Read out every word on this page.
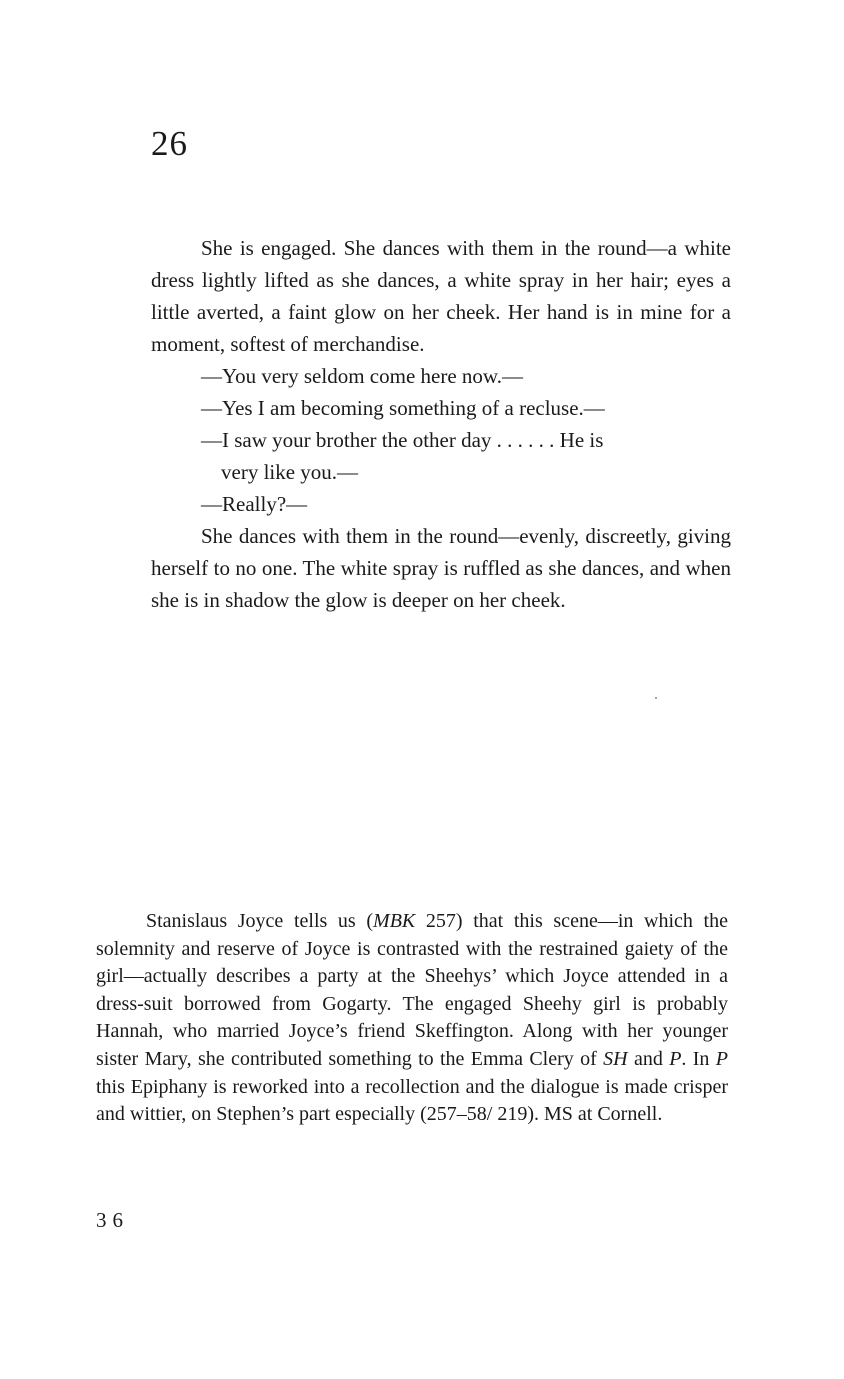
26

She is engaged. She dances with them in the round—a white dress lightly lifted as she dances, a white spray in her hair; eyes a little averted, a faint glow on her cheek. Her hand is in mine for a moment, softest of merchandise.

—You very seldom come here now.—

—Yes I am becoming something of a recluse.—

—I saw your brother the other day . . . . . . He is

very like you.—

—Really?—

She dances with them in the round—evenly, discreetly, giving herself to no one. The white spray is ruffled as she dances, and when she is in shadow the glow is deeper on her cheek.

Stanislaus Joyce tells us (MBK 257) that this scene—in which the solemnity and reserve of Joyce is contrasted with the restrained gaiety of the girl—actually describes a party at the Sheehys’ which Joyce attended in a dress-suit borrowed from Gogarty. The engaged Sheehy girl is probably Hannah, who married Joyce’s friend Skeffington. Along with her younger sister Mary, she contributed something to the Emma Clery of SH and P. In P this Epiphany is reworked into a recollection and the dialogue is made crisper and wittier, on Stephen’s part especially (257–58/ 219). MS at Cornell.

36
